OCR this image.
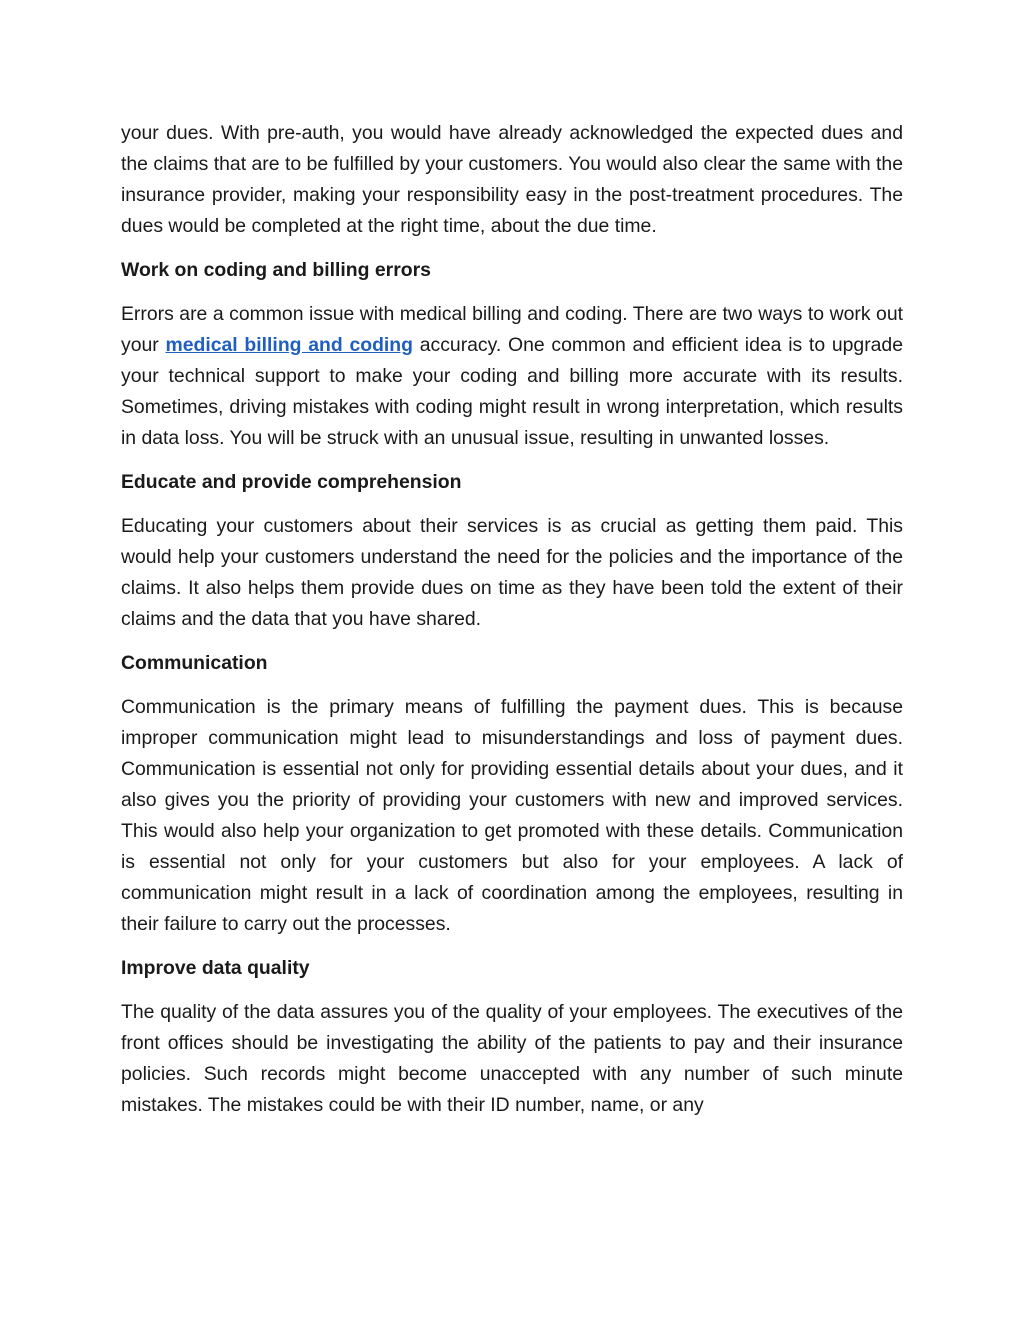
your dues. With pre-auth, you would have already acknowledged the expected dues and the claims that are to be fulfilled by your customers. You would also clear the same with the insurance provider, making your responsibility easy in the post-treatment procedures. The dues would be completed at the right time, about the due time.

Work on coding and billing errors

Errors are a common issue with medical billing and coding. There are two ways to work out your medical billing and coding accuracy. One common and efficient idea is to upgrade your technical support to make your coding and billing more accurate with its results. Sometimes, driving mistakes with coding might result in wrong interpretation, which results in data loss. You will be struck with an unusual issue, resulting in unwanted losses.

Educate and provide comprehension

Educating your customers about their services is as crucial as getting them paid. This would help your customers understand the need for the policies and the importance of the claims. It also helps them provide dues on time as they have been told the extent of their claims and the data that you have shared.

Communication

Communication is the primary means of fulfilling the payment dues. This is because improper communication might lead to misunderstandings and loss of payment dues. Communication is essential not only for providing essential details about your dues, and it also gives you the priority of providing your customers with new and improved services. This would also help your organization to get promoted with these details. Communication is essential not only for your customers but also for your employees. A lack of communication might result in a lack of coordination among the employees, resulting in their failure to carry out the processes.

Improve data quality

The quality of the data assures you of the quality of your employees. The executives of the front offices should be investigating the ability of the patients to pay and their insurance policies. Such records might become unaccepted with any number of such minute mistakes. The mistakes could be with their ID number, name, or any
